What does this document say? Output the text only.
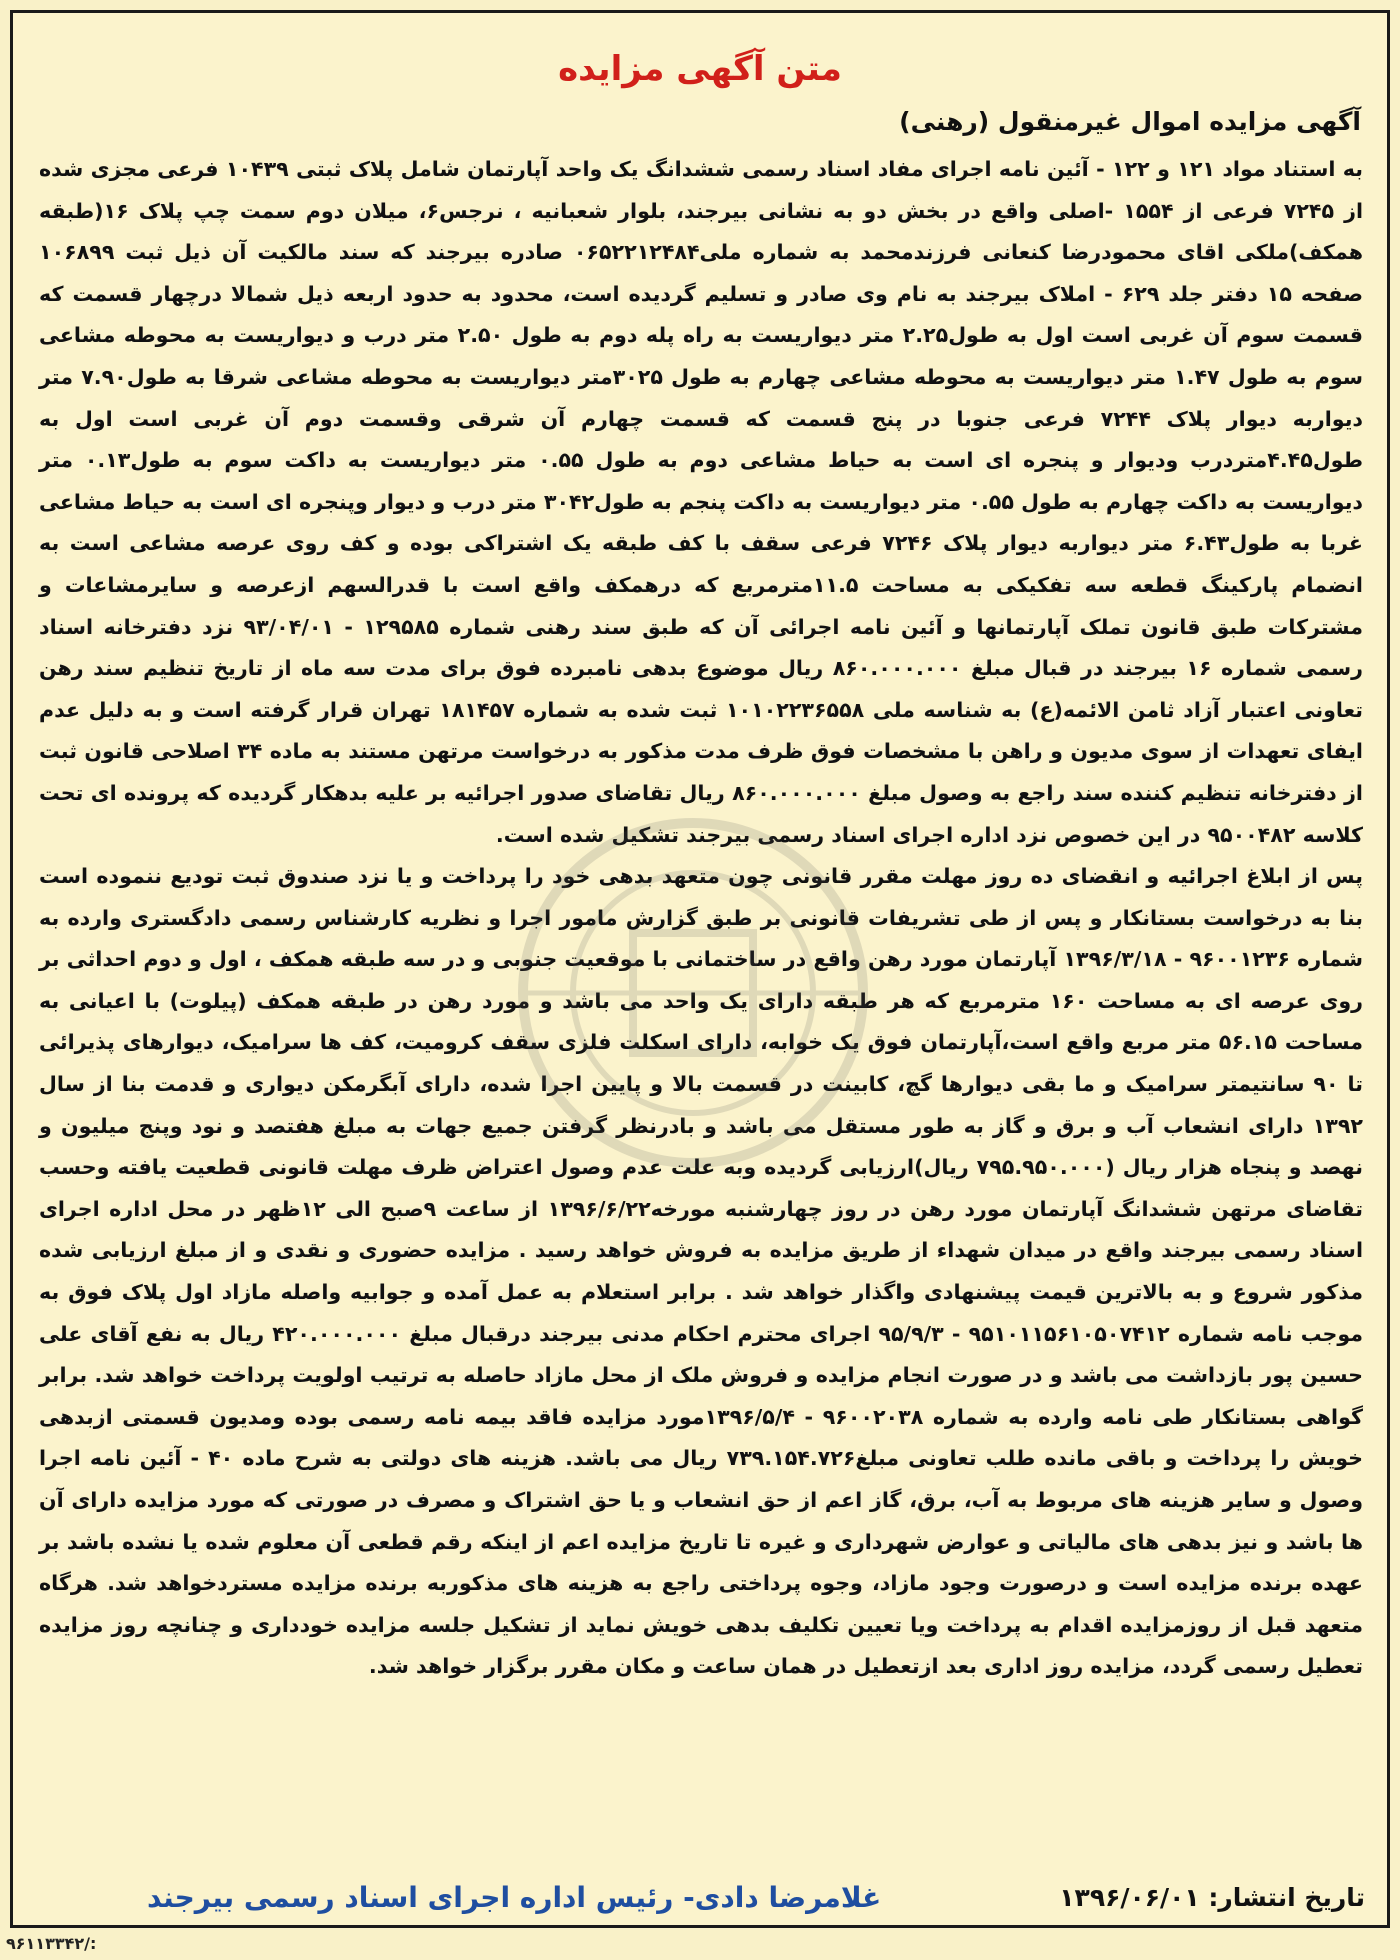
متن آگهی مزایده
آگهی مزایده اموال غیرمنقول (رهنی)

به استناد مواد ۱۲۱ و ۱۲۲ - آئین نامه اجرای مفاد اسناد رسمی ششدانگ یک واحد آپارتمان شامل پلاک ثبتی ۱۰۴۳۹ فرعی مجزی شده از ۷۲۴۵ فرعی از ۱۵۵۴ -اصلی واقع در بخش دو به نشانی بیرجند، بلوار شعبانیه ، نرجس۶، میلان دوم سمت چپ پلاک ۱۶(طبقه همکف)ملکی اقای محمودرضا کنعانی فرزندمحمد به شماره ملی۰۶۵۲۲۱۲۴۸۴ صادره بیرجند که سند مالکیت آن ذیل ثبت ۱۰۶۸۹۹ صفحه ۱۵ دفتر جلد ۶۲۹ - املاک بیرجند به نام وی صادر و تسلیم گردیده است، محدود به حدود اربعه ذیل شمالا درچهار قسمت که قسمت سوم آن غربی است اول به طول۲.۲۵ متر دیواریست به راه پله دوم به طول ۲.۵۰ متر درب و دیواریست به محوطه مشاعی سوم به طول ۱.۴۷ متر دیواریست به محوطه مشاعی چهارم به طول ۳۰۲۵متر دیواریست به محوطه مشاعی شرقا به طول۷.۹۰ متر دیواربه دیوار پلاک ۷۲۴۴ فرعی جنوبا در پنج قسمت که قسمت چهارم آن شرقی وقسمت دوم آن غربی است اول به طول۴.۴۵متردرب ودیوار و پنجره ای است به حیاط مشاعی دوم به طول ۰.۵۵ متر دیواریست به داکت سوم به طول۰.۱۳ متر دیواریست به داکت چهارم به طول ۰.۵۵ متر دیواریست به داکت پنجم به طول۳۰۴۲ متر درب و دیوار وپنجره ای است به حیاط مشاعی غربا به طول۶.۴۳ متر دیواربه دیوار پلاک ۷۲۴۶ فرعی سقف با کف طبقه یک اشتراکی بوده و کف روی عرصه مشاعی است به انضمام پارکینگ قطعه سه تفکیکی به مساحت ۱۱.۵مترمربع که درهمکف واقع است با قدرالسهم ازعرصه و سایرمشاعات و مشترکات طبق قانون تملک آپارتمانها و آئین نامه اجرائی آن که طبق سند رهنی شماره ۱۲۹۵۸۵ - ۹۳/۰۴/۰۱ نزد دفترخانه اسناد رسمی شماره ۱۶ بیرجند در قبال مبلغ ۸۶۰.۰۰۰.۰۰۰ ریال موضوع بدهی نامبرده فوق برای مدت سه ماه از تاریخ تنظیم سند رهن تعاونی اعتبار آزاد ثامن الائمه(ع) به شناسه ملی ۱۰۱۰۲۲۳۶۵۵۸ ثبت شده به شماره ۱۸۱۴۵۷ تهران قرار گرفته است و به دلیل عدم ایفای تعهدات از سوی مدیون و راهن با مشخصات فوق ظرف مدت مذکور به درخواست مرتهن مستند به ماده ۳۴ اصلاحی قانون ثبت از دفترخانه تنظیم کننده سند راجع به وصول مبلغ ۸۶۰.۰۰۰.۰۰۰ ریال تقاضای صدور اجرائیه بر علیه بدهکار گردیده که پرونده ای تحت کلاسه ۹۵۰۰۴۸۲ در این خصوص نزد اداره اجرای اسناد رسمی بیرجند تشکیل شده است.

پس از ابلاغ اجرائیه و انقضای ده روز مهلت مقرر قانونی چون متعهد بدهی خود را پرداخت و یا نزد صندوق ثبت تودیع ننموده است بنا به درخواست بستانکار و پس از طی تشریفات قانونی بر طبق گزارش مامور اجرا و نظریه کارشناس رسمی دادگستری وارده به شماره ۹۶۰۰۱۲۳۶ - ۱۳۹۶/۳/۱۸ آپارتمان مورد رهن واقع در ساختمانی با موقعیت جنوبی و در سه طبقه همکف ، اول و دوم احداثی بر روی عرصه ای به مساحت ۱۶۰ مترمربع که هر طبقه دارای یک واحد می باشد و مورد رهن در طبقه همکف (پیلوت) با اعیانی به مساحت ۵۶.۱۵ متر مربع واقع است،آپارتمان فوق یک خوابه، دارای اسکلت فلزی سقف کرومیت، کف ها سرامیک، دیوارهای پذیرائی تا ۹۰ سانتیمتر سرامیک و ما بقی دیوارها گچ، کابینت در قسمت بالا و پایین اجرا شده، دارای آبگرمکن دیواری و قدمت بنا از سال ۱۳۹۲ دارای انشعاب آب و برق و گاز به طور مستقل می باشد و بادرنظر گرفتن جمیع جهات به مبلغ هفتصد و نود وپنج میلیون و نهصد و پنجاه هزار ریال (۷۹۵.۹۵۰.۰۰۰ ریال)ارزیابی گردیده وبه علت عدم وصول اعتراض ظرف مهلت قانونی قطعیت یافته وحسب تقاضای مرتهن ششدانگ آپارتمان مورد رهن در روز چهارشنبه مورخه۱۳۹۶/۶/۲۲ از ساعت ۹صبح الی ۱۲ظهر در محل اداره اجرای اسناد رسمی بیرجند واقع در میدان شهداء از طریق مزایده به فروش خواهد رسید . مزایده حضوری و نقدی و از مبلغ ارزیابی شده مذکور شروع و به بالاترین قیمت پیشنهادی واگذار خواهد شد . برابر استعلام به عمل آمده و جوابیه واصله مازاد اول پلاک فوق به موجب نامه شماره ۹۵۱۰۱۱۵۶۱۰۵۰۷۴۱۲ - ۹۵/۹/۳ اجرای محترم احکام مدنی بیرجند درقبال مبلغ ۴۲۰.۰۰۰.۰۰۰ ریال به نفع آقای علی حسین پور بازداشت می باشد و در صورت انجام مزایده و فروش ملک از محل مازاد حاصله به ترتیب اولویت پرداخت خواهد شد. برابر گواهی بستانکار طی نامه وارده به شماره ۹۶۰۰۲۰۳۸ - ۱۳۹۶/۵/۴مورد مزایده فاقد بیمه نامه رسمی بوده ومدیون قسمتی ازبدهی خویش را پرداخت و باقی مانده طلب تعاونی مبلغ۷۳۹.۱۵۴.۷۲۶ ریال می باشد. هزینه های دولتی به شرح ماده ۴۰ - آئین نامه اجرا وصول و سایر هزینه های مربوط به آب، برق، گاز اعم از حق انشعاب و یا حق اشتراک و مصرف در صورتی که مورد مزایده دارای آن ها باشد و نیز بدهی های مالیاتی و عوارض شهرداری و غیره تا تاریخ مزایده اعم از اینکه رقم قطعی آن معلوم شده یا نشده باشد بر عهده برنده مزایده است و درصورت وجود مازاد، وجوه پرداختی راجع به هزینه های مذکوربه برنده مزایده مستردخواهد شد. هرگاه متعهد قبل از روزمزایده اقدام به پرداخت ویا تعیین تکلیف بدهی خویش نماید از تشکیل جلسه مزایده خودداری و چنانچه روز مزایده تعطیل رسمی گردد، مزایده روز اداری بعد ازتعطیل در همان ساعت و مکان مقرر برگزار خواهد شد.

تاریخ انتشار: ۱۳۹۶/۰۶/۰۱
غلامرضا دادی- رئیس اداره اجرای اسناد رسمی بیرجند
۹۶۱۱۳۳۴۲/:
